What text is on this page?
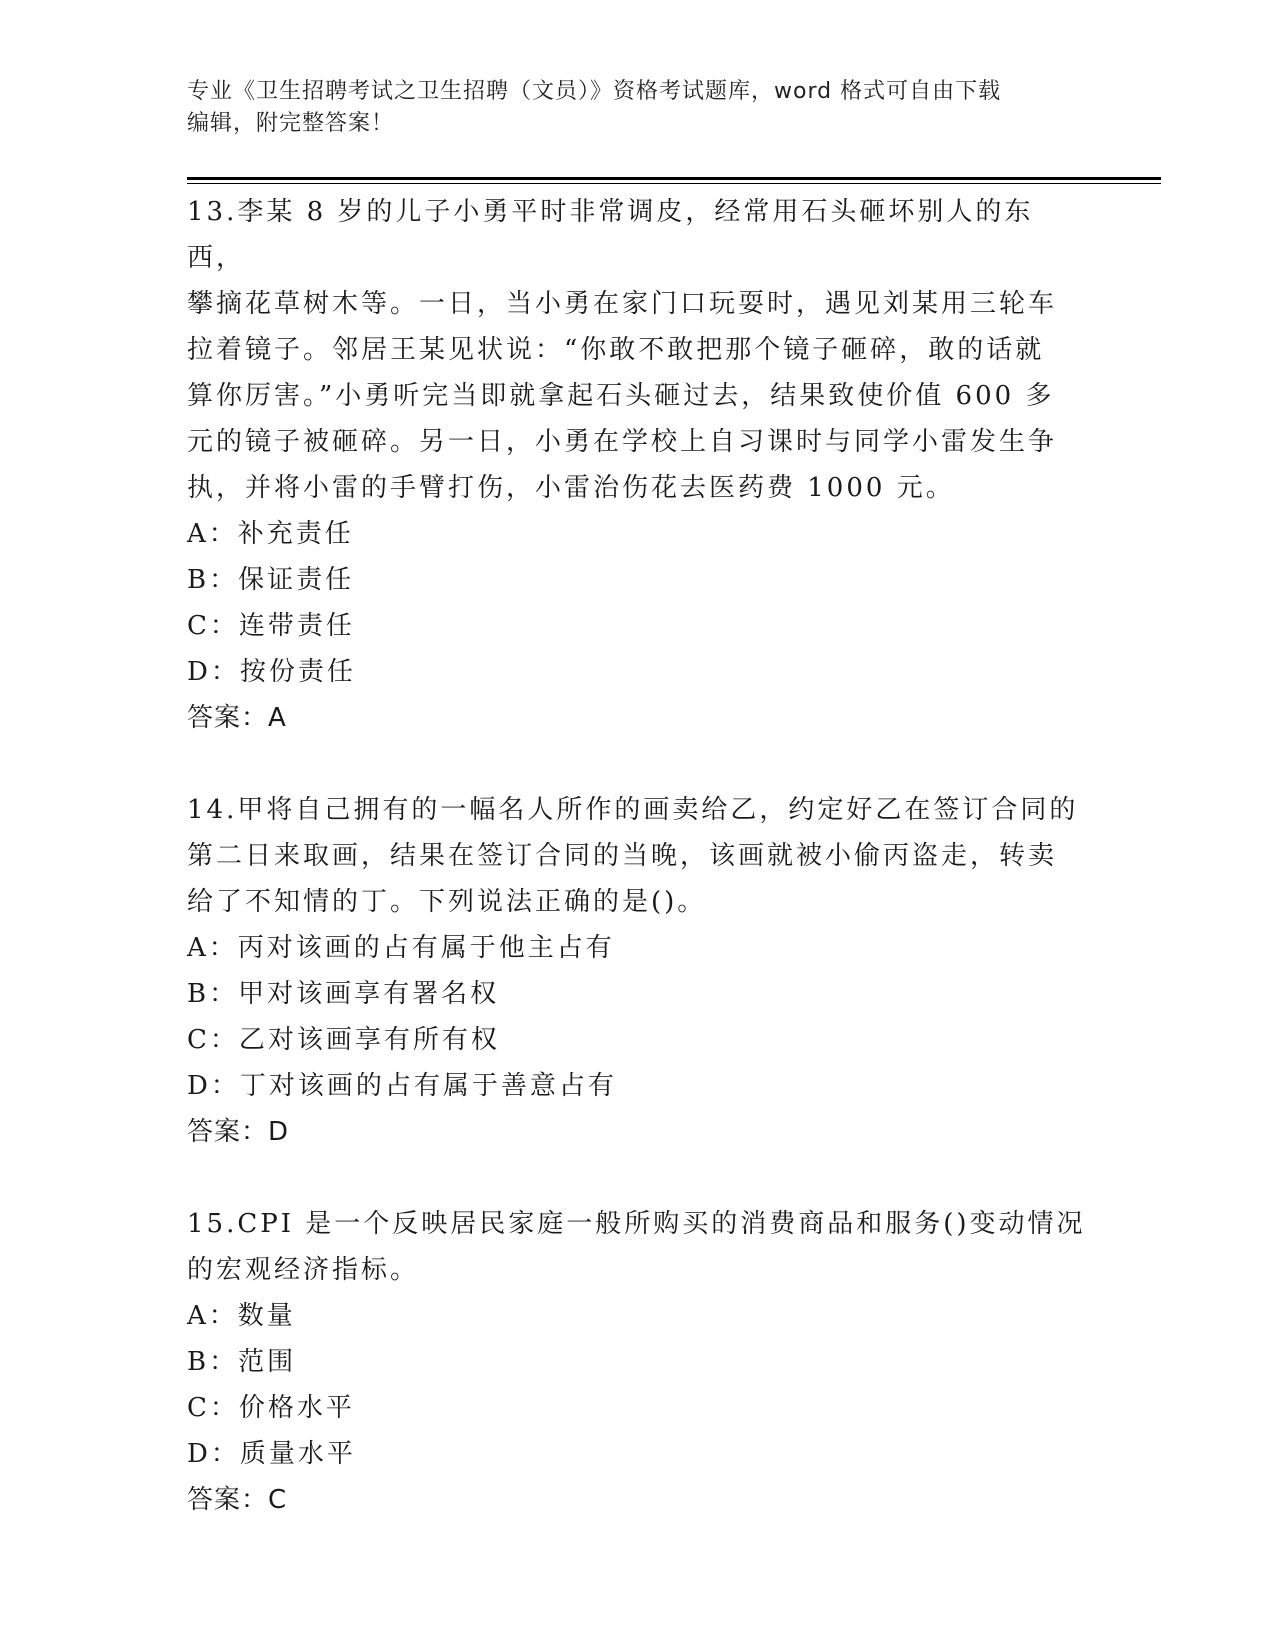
专业《卫生招聘考试之卫生招聘（文员）》资格考试题库，word 格式可自由下载
编辑，附完整答案！

13.李某 8 岁的儿子小勇平时非常调皮，经常用石头砸坏别人的东西，

攀摘花草树木等。一日，当小勇在家门口玩耍时，遇见刘某用三轮车

拉着镜子。邻居王某见状说：“你敢不敢把那个镜子砸碎，敢的话就

算你厉害。”小勇听完当即就拿起石头砸过去，结果致使价值 600 多

元的镜子被砸碎。另一日，小勇在学校上自习课时与同学小雷发生争

执，并将小雷的手臂打伤，小雷治伤花去医药费 1000 元。

A：补充责任

B：保证责任

C：连带责任

D：按份责任

答案：A

14.甲将自己拥有的一幅名人所作的画卖给乙，约定好乙在签订合同的

第二日来取画，结果在签订合同的当晚，该画就被小偷丙盗走，转卖

给了不知情的丁。下列说法正确的是()。

A：丙对该画的占有属于他主占有

B：甲对该画享有署名权

C：乙对该画享有所有权

D：丁对该画的占有属于善意占有

答案：D

15.CPI 是一个反映居民家庭一般所购买的消费商品和服务()变动情况

的宏观经济指标。

A：数量

B：范围

C：价格水平

D：质量水平

答案：C
